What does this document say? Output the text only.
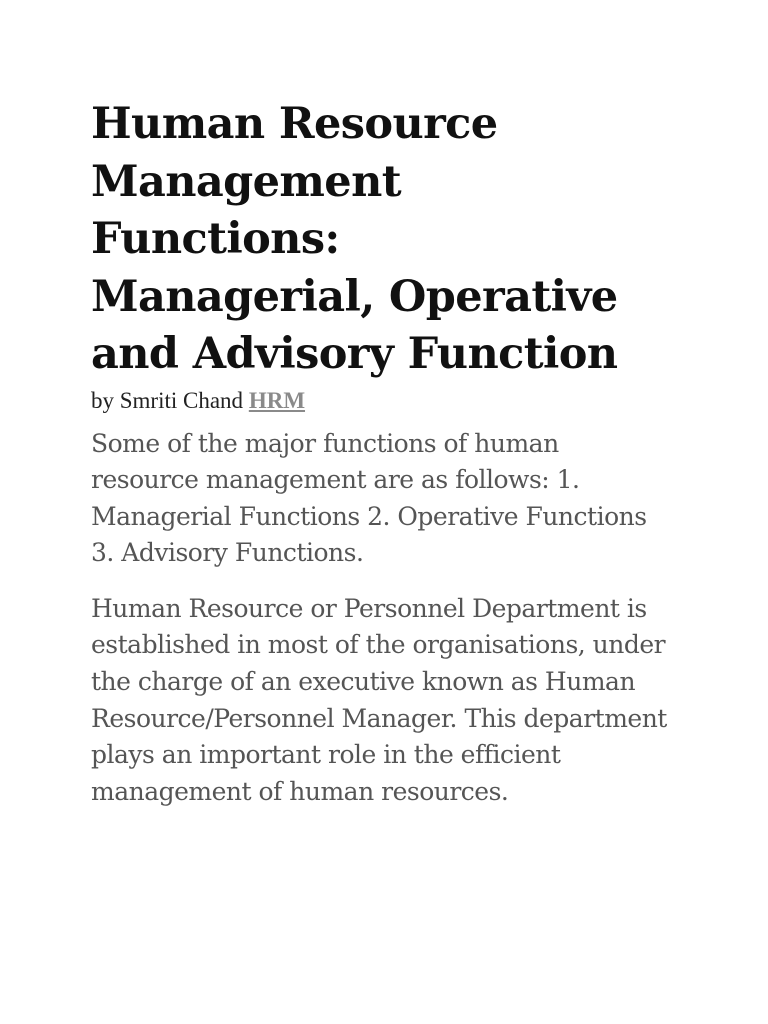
Human Resource
Management
Functions:
Managerial, Operative
and Advisory Function

by Smriti Chand HRM

Some of the major functions of human resource management are as follows: 1. Managerial Functions 2. Operative Functions 3. Advisory Functions.

Human Resource or Personnel Department is established in most of the organisations, under the charge of an executive known as Human Resource/Personnel Manager. This department plays an important role in the efficient management of human resources.
